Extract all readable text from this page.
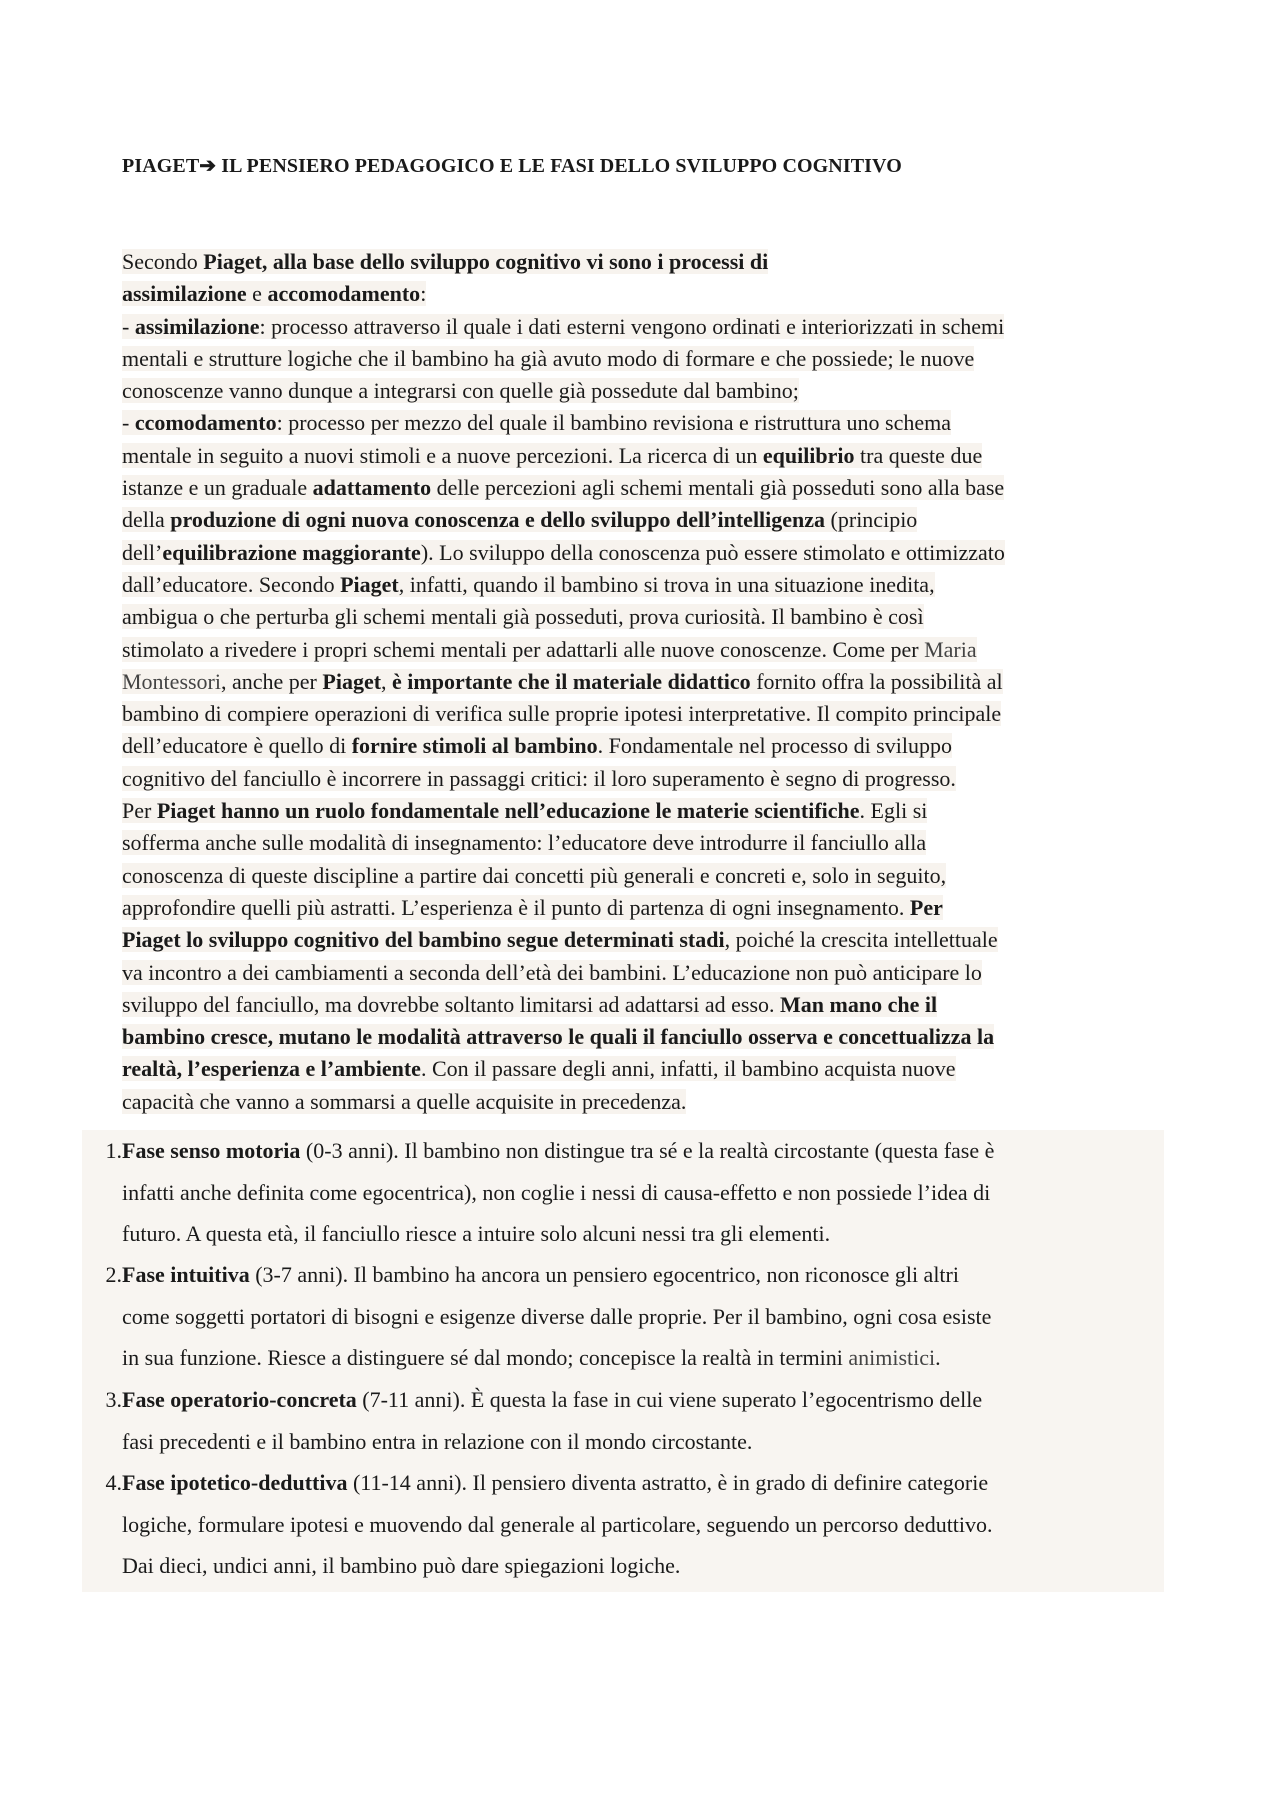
PIAGET➔ IL PENSIERO PEDAGOGICO E LE FASI DELLO SVILUPPO COGNITIVO
Secondo Piaget, alla base dello sviluppo cognitivo vi sono i processi di
assimilazione e accomodamento:
- assimilazione: processo attraverso il quale i dati esterni vengono ordinati e interiorizzati in schemi
mentali e strutture logiche che il bambino ha già avuto modo di formare e che possiede; le nuove
conoscenze vanno dunque a integrarsi con quelle già possedute dal bambino;
- ccomodamento: processo per mezzo del quale il bambino revisiona e ristruttura uno schema
mentale in seguito a nuovi stimoli e a nuove percezioni. La ricerca di un equilibrio tra queste due
istanze e un graduale adattamento delle percezioni agli schemi mentali già posseduti sono alla base
della produzione di ogni nuova conoscenza e dello sviluppo dell’intelligenza (principio
dell’equilibrazione maggiorante). Lo sviluppo della conoscenza può essere stimolato e ottimizzato
dall’educatore. Secondo Piaget, infatti, quando il bambino si trova in una situazione inedita,
ambigua o che perturba gli schemi mentali già posseduti, prova curiosità. Il bambino è così
stimolato a rivedere i propri schemi mentali per adattarli alle nuove conoscenze. Come per Maria
Montessori, anche per Piaget, è importante che il materiale didattico fornito offra la possibilità al
bambino di compiere operazioni di verifica sulle proprie ipotesi interpretative. Il compito principale
dell’educatore è quello di fornire stimoli al bambino. Fondamentale nel processo di sviluppo
cognitivo del fanciullo è incorrere in passaggi critici: il loro superamento è segno di progresso.
Per Piaget hanno un ruolo fondamentale nell’educazione le materie scientifiche. Egli si
sofferma anche sulle modalità di insegnamento: l’educatore deve introdurre il fanciullo alla
conoscenza di queste discipline a partire dai concetti più generali e concreti e, solo in seguito,
approfondire quelli più astratti. L’esperienza è il punto di partenza di ogni insegnamento. Per
Piaget lo sviluppo cognitivo del bambino segue determinati stadi, poiché la crescita intellettuale
va incontro a dei cambiamenti a seconda dell’età dei bambini. L’educazione non può anticipare lo
sviluppo del fanciullo, ma dovrebbe soltanto limitarsi ad adattarsi ad esso. Man mano che il
bambino cresce, mutano le modalità attraverso le quali il fanciullo osserva e concettualizza la
realtà, l’esperienza e l’ambiente. Con il passare degli anni, infatti, il bambino acquista nuove
capacità che vanno a sommarsi a quelle acquisite in precedenza.
1. Fase senso motoria (0-3 anni). Il bambino non distingue tra sé e la realtà circostante (questa fase è
infatti anche definita come egocentrica), non coglie i nessi di causa-effetto e non possiede l’idea di
futuro. A questa età, il fanciullo riesce a intuire solo alcuni nessi tra gli elementi.
2. Fase intuitiva (3-7 anni). Il bambino ha ancora un pensiero egocentrico, non riconosce gli altri
come soggetti portatori di bisogni e esigenze diverse dalle proprie. Per il bambino, ogni cosa esiste
in sua funzione. Riesce a distinguere sé dal mondo; concepisce la realtà in termini animistici.
3. Fase operatorio-concreta (7-11 anni). È questa la fase in cui viene superato l’egocentrismo delle
fasi precedenti e il bambino entra in relazione con il mondo circostante.
4. Fase ipotetico-deduttiva (11-14 anni). Il pensiero diventa astratto, è in grado di definire categorie
logiche, formulare ipotesi e muovendo dal generale al particolare, seguendo un percorso deduttivo.
Dai dieci, undici anni, il bambino può dare spiegazioni logiche.
